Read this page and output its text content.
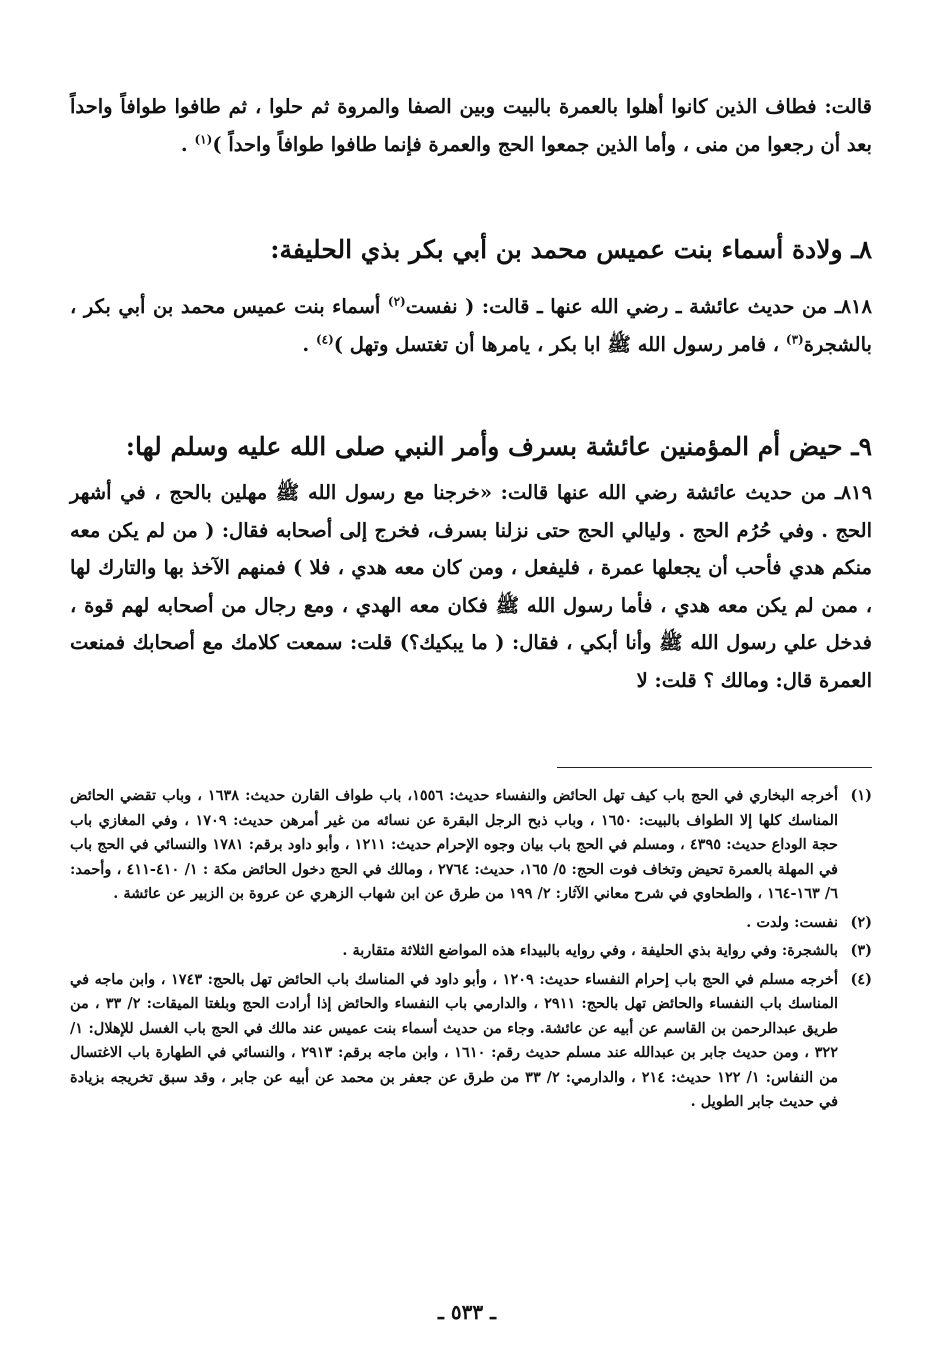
قالت: فطاف الذين كانوا أهلوا بالعمرة بالبيت وبين الصفا والمروة ثم حلوا ، ثم طافوا طوافاً واحداً بعد أن رجعوا من منى ، وأما الذين جمعوا الحج والعمرة فإنما طافوا طوافاً واحداً )$^{(١)}$ .

٨ـ ولادة أسماء بنت عميس محمد بن أبي بكر بذي الحليفة:

٨١٨ـ من حديث عائشة ـ رضي الله عنها ـ قالت: ( نفست$^{(٢)}$ أسماء بنت عميس محمد بن أبي بكر ، بالشجرة$^{(٣)}$ ، فامر رسول الله ﷺ ابا بكر ، يامرها أن تغتسل وتهل )$^{(٤)}$ .

٩ـ حيض أم المؤمنين عائشة بسرف وأمر النبي صلى الله عليه وسلم لها:

٨١٩ـ من حديث عائشة رضي الله عنها قالت: «خرجنا مع رسول الله ﷺ مهلين بالحج ، في أشهر الحج . وفي حُرُم الحج . وليالي الحج حتى نزلنا بسرف، فخرج إلى أصحابه فقال: ( من لم يكن معه منكم هدي فأحب أن يجعلها عمرة ، فليفعل ، ومن كان معه هدي ، فلا ) فمنهم الآخذ بها والتارك لها ، ممن لم يكن معه هدي ، فأما رسول الله ﷺ فكان معه الهدي ، ومع رجال من أصحابه لهم قوة ، فدخل علي رسول الله ﷺ وأنا أبكي ، فقال: ( ما يبكيك؟) قلت: سمعت كلامك مع أصحابك فمنعت العمرة قال: ومالك ؟ قلت: لا

(١)
أخرجه البخاري في الحج باب كيف تهل الحائض والنفساء حديث: ١٥٥٦، باب طواف القارن حديث: ١٦٣٨ ، وباب تقضي الحائض المناسك كلها إلا الطواف بالبيت: ١٦٥٠ ، وباب ذبح الرجل البقرة عن نسائه من غير أمرهن حديث: ١٧٠٩ ، وفي المغازي باب حجة الوداع حديث: ٤٣٩٥ ، ومسلم في الحج باب بيان وجوه الإحرام حديث: ١٢١١ ، وأبو داود برقم: ١٧٨١ والنسائي في الحج باب في المهلة بالعمرة تحيض وتخاف فوت الحج: ٥/ ١٦٥، حديث: ٢٧٦٤ ، ومالك في الحج دخول الحائض مكة : ١/ ٤١٠-٤١١ ، وأحمد: ٦/ ١٦٣-١٦٤ ، والطحاوي في شرح معاني الآثار: ٢/ ١٩٩ من طرق عن ابن شهاب الزهري عن عروة بن الزبير عن عائشة .
(٢)
نفست: ولدت .
(٣)
بالشجرة: وفي رواية بذي الحليفة ، وفي روايه بالبيداء هذه المواضع الثلاثة متقاربة .
(٤)
أخرجه مسلم في الحج باب إحرام النفساء حديث: ١٢٠٩ ، وأبو داود في المناسك باب الحائض تهل بالحج: ١٧٤٣ ، وابن ماجه في المناسك باب النفساء والحائض تهل بالحج: ٢٩١١ ، والدارمي باب النفساء والحائض إذا أرادت الحج وبلغتا الميقات: ٢/ ٣٣ ، من طريق عبدالرحمن بن القاسم عن أبيه عن عائشة. وجاء من حديث أسماء بنت عميس عند مالك في الحج باب الغسل للإهلال: ١/ ٣٢٢ ، ومن حديث جابر بن عبدالله عند مسلم حديث رقم: ١٦١٠ ، وابن ماجه برقم: ٢٩١٣ ، والنسائي في الطهارة باب الاغتسال من النفاس: ١/ ١٢٢ حديث: ٢١٤ ، والدارمي: ٢/ ٣٣ من طرق عن جعفر بن محمد عن أبيه عن جابر ، وقد سبق تخريجه بزيادة في حديث جابر الطويل .
ـ ٥٣٣ ـ
